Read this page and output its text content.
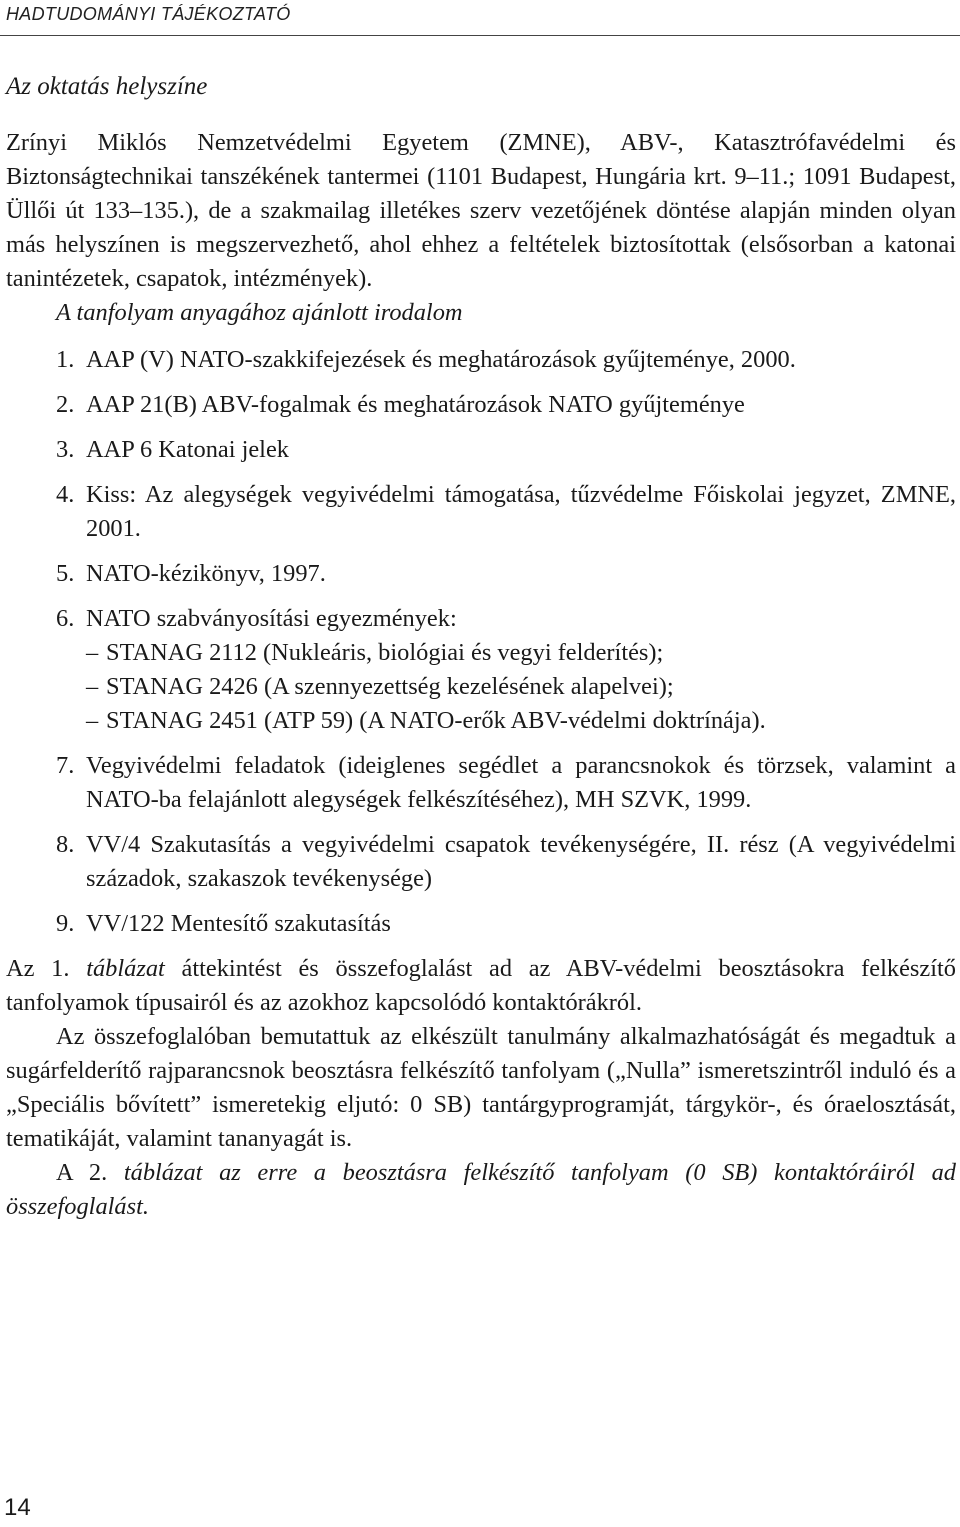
HADTUDOMÁNYI TÁJÉKOZTATÓ
Az oktatás helyszíne

Zrínyi Miklós Nemzetvédelmi Egyetem (ZMNE), ABV-, Katasztrófavédelmi és Biztonságtechnikai tanszékének tantermei (1101 Budapest, Hungária krt. 9–11.; 1091 Budapest, Üllői út 133–135.), de a szakmailag illetékes szerv vezetőjének döntése alapján minden olyan más helyszínen is megszervezhető, ahol ehhez a feltételek biztosítottak (elsősorban a katonai tanintézetek, csapatok, intézmények).

A tanfolyam anyagához ajánlott irodalom
1. AAP (V) NATO-szakkifejezések és meghatározások gyűjteménye, 2000.
2. AAP 21(B) ABV-fogalmak és meghatározások NATO gyűjteménye
3. AAP 6 Katonai jelek
4. Kiss: Az alegységek vegyivédelmi támogatása, tűzvédelme Főiskolai jegyzet, ZMNE, 2001.
5. NATO-kézikönyv, 1997.
6. NATO szabványosítási egyezmények:
– STANAG 2112 (Nukleáris, biológiai és vegyi felderítés);
– STANAG 2426 (A szennyezettség kezelésének alapelvei);
– STANAG 2451 (ATP 59) (A NATO-erők ABV-védelmi doktrínája).
7. Vegyivédelmi feladatok (ideiglenes segédlet a parancsnokok és törzsek, valamint a NATO-ba felajánlott alegységek felkészítéséhez), MH SZVK, 1999.
8. VV/4 Szakutasítás a vegyivédelmi csapatok tevékenységére, II. rész (A vegyivédelmi századok, szakaszok tevékenysége)
9. VV/122 Mentesítő szakutasítás

Az 1. táblázat áttekintést és összefoglalást ad az ABV-védelmi beosztásokra felkészítő tanfolyamok típusairól és az azokhoz kapcsolódó kontaktórákról.

Az összefoglalóban bemutattuk az elkészült tanulmány alkalmazhatóságát és megadtuk a sugárfelderítő rajparancsnok beosztásra felkészítő tanfolyam („Nulla” ismeretszintről induló és a „Speciális bővített” ismeretekig eljutó: 0 SB) tantárgyprogramját, tárgykör-, és óraelosztását, tematikáját, valamint tananyagát is.

A 2. táblázat az erre a beosztásra felkészítő tanfolyam (0 SB) kontaktóráiról ad összefoglalást.

14
